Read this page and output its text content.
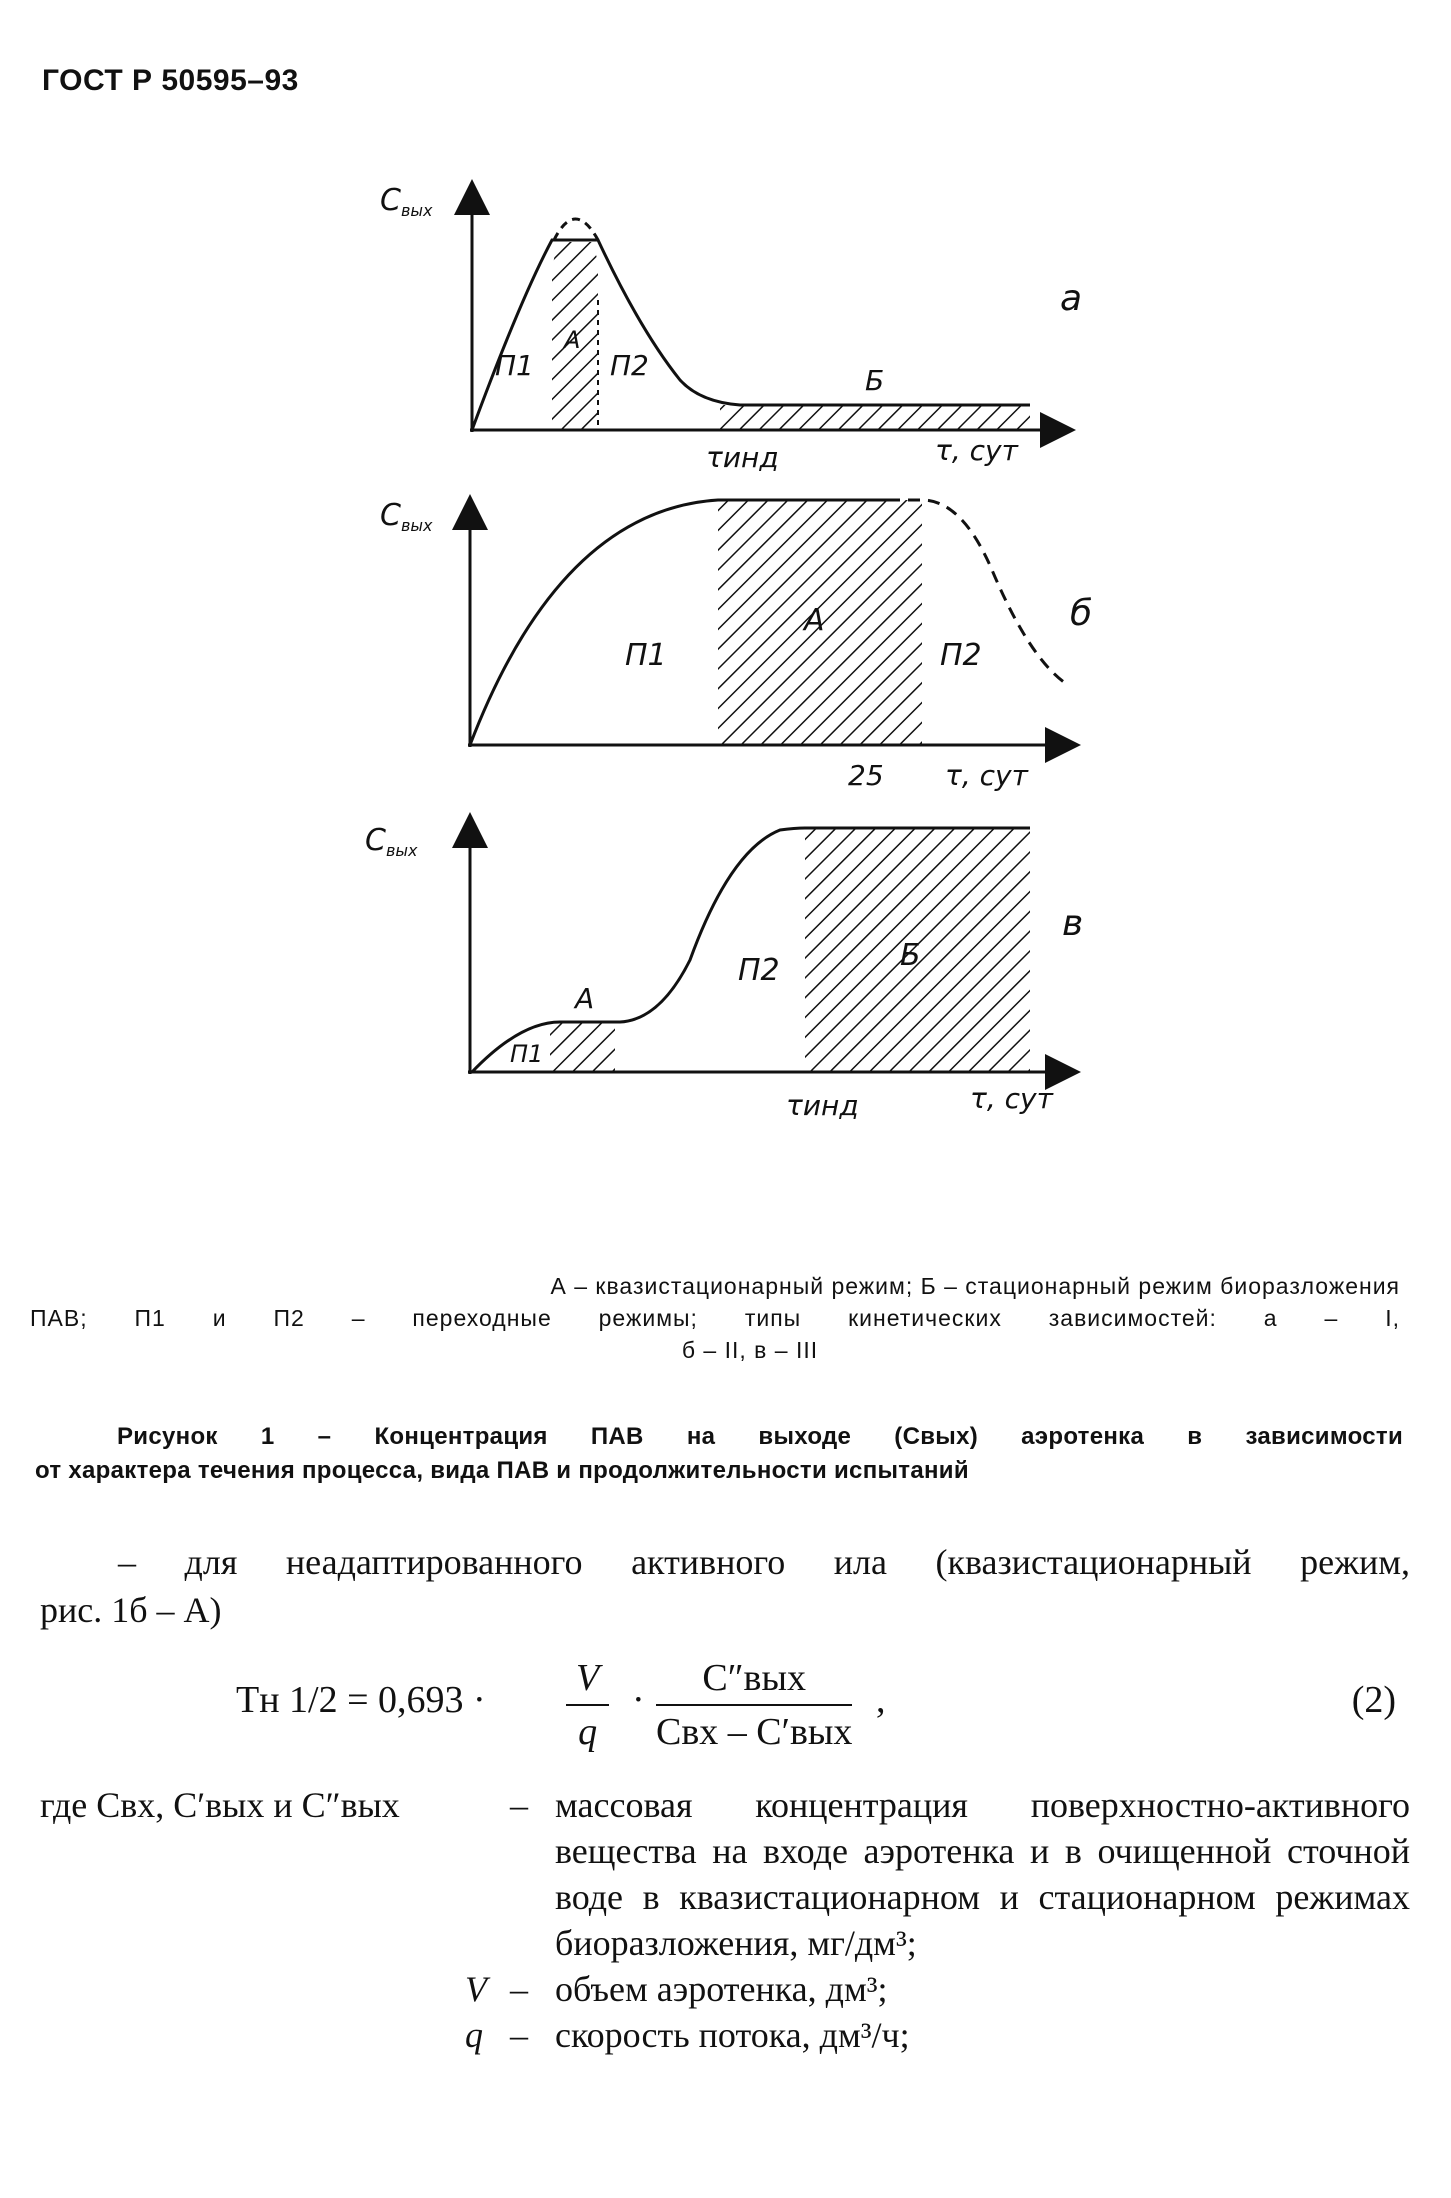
ГОСТ Р 50595–93
$C_{вых}$
П1
А
П2	Б
τинд	τ, сут
а
$C_{вых}$
П1
А
П2
25 τ, сут
б
$C_{вых}$
П1
А
П2	Б
τинд	τ, сут
в
А – квазистационарный режим; Б – стационарный режим биоразложения
ПАВ; П1 и П2 – переходные режимы; типы кинетических зависимостей: а – I,
б – II, в – III
Рисунок 1 – Концентрация ПАВ на выходе (Cвых) аэротенка в зависимости
от характера течения процесса, вида ПАВ и продолжительности испытаний
– для неадаптированного активного ила (квазистационарный режим,
рис. 1б – А)
Tн $1/2 = 0,693 \cdot \frac{V}{q}$ ·
C″вых
Cвх – C′вых
,	(2)
где Cвх, C′вых и C″вых	– массовая концентрация поверхностно-активного вещества на входе аэротенка и в очищенной сточной воде в квазистационарном и стационарном режимах биоразложения, мг/дм³;
V – объем аэротенка, дм³;
q – скорость потока, дм³/ч;
